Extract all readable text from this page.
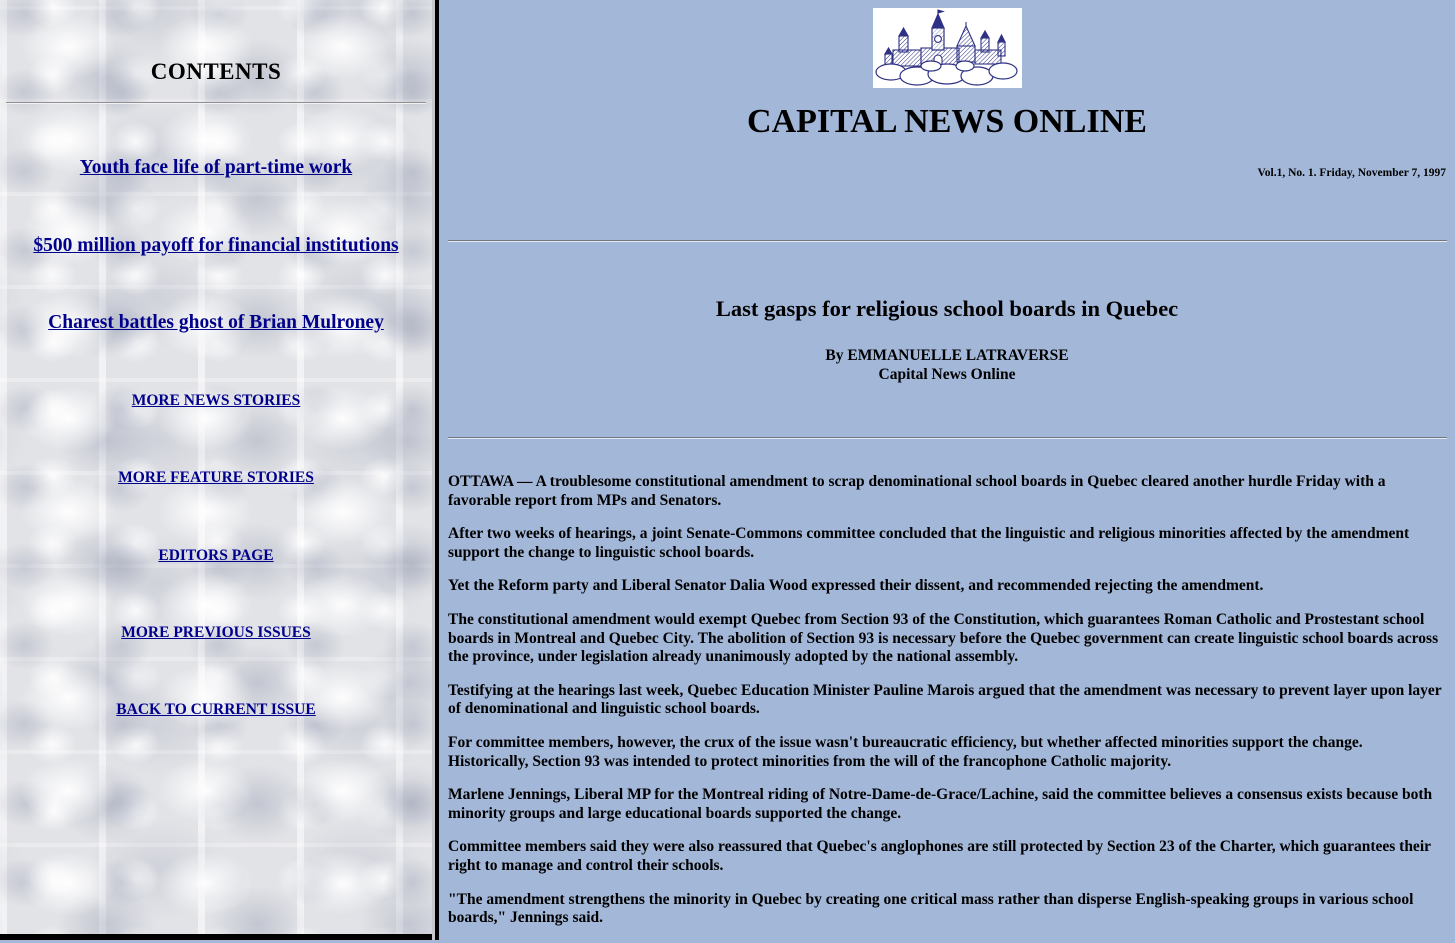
CONTENTS
Youth face life of part-time work
$500 million payoff for financial institutions
Charest battles ghost of Brian Mulroney
MORE NEWS STORIES
MORE FEATURE STORIES
EDITORS PAGE
MORE PREVIOUS ISSUES
BACK TO CURRENT ISSUE
CAPITAL NEWS ONLINE
Vol.1, No. 1. Friday, November 7, 1997
Last gasps for religious school boards in Quebec
By EMMANUELLE LATRAVERSE
Capital News Online

OTTAWA — A troublesome constitutional amendment to scrap denominational school boards in Quebec cleared another hurdle Friday with a favorable report from MPs and Senators.

After two weeks of hearings, a joint Senate-Commons committee concluded that the linguistic and religious minorities affected by the amendment support the change to linguistic school boards.

Yet the Reform party and Liberal Senator Dalia Wood expressed their dissent, and recommended rejecting the amendment.

The constitutional amendment would exempt Quebec from Section 93 of the Constitution, which guarantees Roman Catholic and Prostestant school boards in Montreal and Quebec City. The abolition of Section 93 is necessary before the Quebec government can create linguistic school boards across the province, under legislation already unanimously adopted by the national assembly.

Testifying at the hearings last week, Quebec Education Minister Pauline Marois argued that the amendment was necessary to prevent layer upon layer of denominational and linguistic school boards.

For committee members, however, the crux of the issue wasn't bureaucratic efficiency, but whether affected minorities support the change. Historically, Section 93 was intended to protect minorities from the will of the francophone Catholic majority.

Marlene Jennings, Liberal MP for the Montreal riding of Notre-Dame-de-Grace/Lachine, said the committee believes a consensus exists because both minority groups and large educational boards supported the change.

Committee members said they were also reassured that Quebec's anglophones are still protected by Section 23 of the Charter, which guarantees their right to manage and control their schools.

"The amendment strengthens the minority in Quebec by creating one critical mass rather than disperse English-speaking groups in various school boards," Jennings said.
